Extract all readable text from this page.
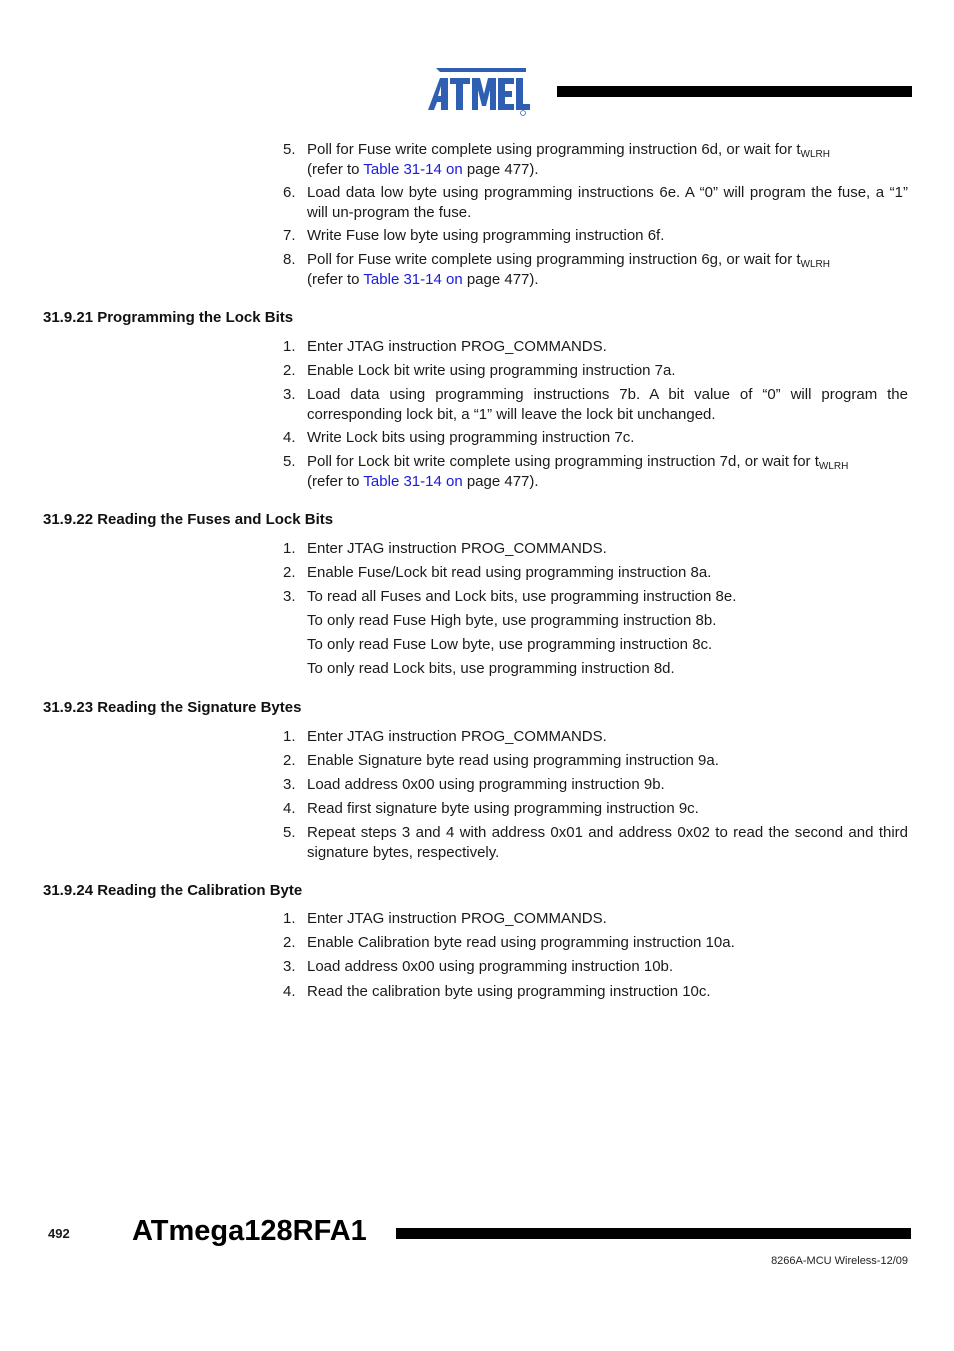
5. Poll for Fuse write complete using programming instruction 6d, or wait for $t_{WLRH}$
(refer to Table 31-14 on page 477).
6. Load data low byte using programming instructions 6e. A “0” will program the fuse, a “1” will un-program the fuse.
7. Write Fuse low byte using programming instruction 6f.
8. Poll for Fuse write complete using programming instruction 6g, or wait for $t_{WLRH}$
(refer to Table 31-14 on page 477).
31.9.21 Programming the Lock Bits
1. Enter JTAG instruction PROG_COMMANDS.
2. Enable Lock bit write using programming instruction 7a.
3. Load data using programming instructions 7b. A bit value of “0” will program the corresponding lock bit, a “1” will leave the lock bit unchanged.
4. Write Lock bits using programming instruction 7c.
5. Poll for Lock bit write complete using programming instruction 7d, or wait for $t_{WLRH}$
(refer to Table 31-14 on page 477).
31.9.22 Reading the Fuses and Lock Bits
1. Enter JTAG instruction PROG_COMMANDS.
2. Enable Fuse/Lock bit read using programming instruction 8a.
3. To read all Fuses and Lock bits, use programming instruction 8e.
To only read Fuse High byte, use programming instruction 8b.
To only read Fuse Low byte, use programming instruction 8c.
To only read Lock bits, use programming instruction 8d.
31.9.23 Reading the Signature Bytes
1. Enter JTAG instruction PROG_COMMANDS.
2. Enable Signature byte read using programming instruction 9a.
3. Load address 0x00 using programming instruction 9b.
4. Read first signature byte using programming instruction 9c.
5. Repeat steps 3 and 4 with address 0x01 and address 0x02 to read the second and third signature bytes, respectively.
31.9.24 Reading the Calibration Byte
1. Enter JTAG instruction PROG_COMMANDS.
2. Enable Calibration byte read using programming instruction 10a.
3. Load address 0x00 using programming instruction 10b.
4. Read the calibration byte using programming instruction 10c.
492 ATmega128RFA1
8266A-MCU Wireless-12/09
